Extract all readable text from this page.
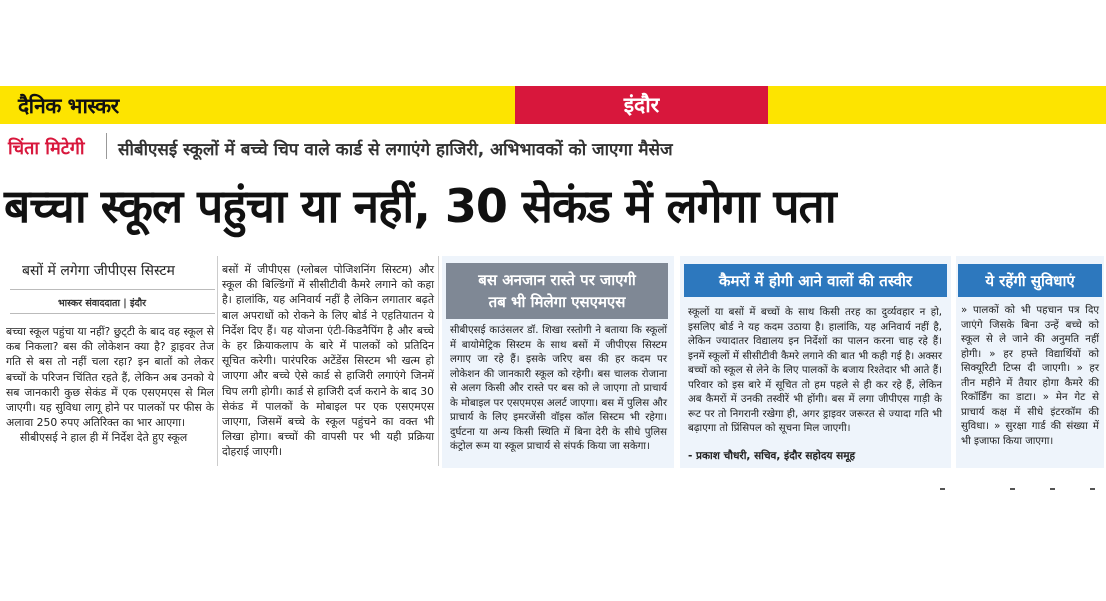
दैनिक भास्कर	इंदौर
चिंता मिटेगी सीबीएसई स्कूलों में बच्चे चिप वाले कार्ड से लगाएंगे हाजिरी, अभिभावकों को जाएगा मैसेज
बच्चा स्कूल पहुंचा या नहीं, 30 सेकंड में लगेगा पता
बसों में लगेगा जीपीएस सिस्टम
भास्कर संवाददाता | इंदौर

बच्चा स्कूल पहुंचा या नहीं? छुट्‌टी के बाद वह स्कूल से कब निकला? बस की लोकेशन क्या है? ड्राइवर तेज गति से बस तो नहीं चला रहा? इन बातों को लेकर बच्चों के परिजन चिंतित रहते हैं, लेकिन अब उनको ये सब जानकारी कुछ सेकंड में एक एसएमएस से मिल जाएगी। यह सुविधा लागू होने पर पालकों पर फीस के अलावा 250 रुपए अतिरिक्त का भार आएगा।

सीबीएसई ने हाल ही में निर्देश देते हुए स्कूल

बसों में जीपीएस (ग्लोबल पोजिशनिंग सिस्टम) और स्कूल की बिल्डिंगों में सीसीटीवी कैमरे लगाने को कहा है। हालांकि, यह अनिवार्य नहीं है लेकिन लगातार बढ़ते बाल अपराधों को रोकने के लिए बोर्ड ने एहतियातन ये निर्देश दिए हैं। यह योजना एंटी-किडनैपिंग है और बच्चे के हर क्रियाकलाप के बारे में पालकों को प्रतिदिन सूचित करेगी। पारंपरिक अटेंडेंस सिस्टम भी खत्म हो जाएगा और बच्चे ऐसे कार्ड से हाजिरी लगाएंगे जिनमें चिप लगी होगी। कार्ड से हाजिरी दर्ज कराने के बाद 30 सेकंड में पालकों के मोबाइल पर एक एसएमएस जाएगा, जिसमें बच्चे के स्कूल पहुंचने का वक्त भी लिखा होगा। बच्चों की वापसी पर भी यही प्रक्रिया दोहराई जाएगी।
बस अनजान रास्ते पर जाएगी
तब भी मिलेगा एसएमएस
सीबीएसई काउंसलर डॉ. शिखा रस्तोगी ने बताया कि स्कूलों में बायोमेट्रिक सिस्टम के साथ बसों में जीपीएस सिस्टम लगाए जा रहे हैं। इसके जरिए बस की हर कदम पर लोकेशन की जानकारी स्कूल को रहेगी। बस चालक रोजाना से अलग किसी और रास्ते पर बस को ले जाएगा तो प्राचार्य के मोबाइल पर एसएमएस अलर्ट जाएगा। बस में पुलिस और प्राचार्य के लिए इमरजेंसी वॉइस कॉल सिस्टम भी रहेगा। दुर्घटना या अन्य किसी स्थिति में बिना देरी के सीधे पुलिस कंट्रोल रूम या स्कूल प्राचार्य से संपर्क किया जा सकेगा।
कैमरों में होगी आने वालों की तस्वीर
स्कूलों या बसों में बच्चों के साथ किसी तरह का दुर्व्यवहार न हो, इसलिए बोर्ड ने यह कदम उठाया है। हालांकि, यह अनिवार्य नहीं है, लेकिन ज्यादातर विद्यालय इन निर्देशों का पालन करना चाह रहे हैं। इनमें स्कूलों में सीसीटीवी कैमरे लगाने की बात भी कही गई है। अक्सर बच्चों को स्कूल से लेने के लिए पालकों के बजाय रिश्तेदार भी आते हैं। परिवार को इस बारे में सूचित तो हम पहले से ही कर रहे हैं, लेकिन अब कैमरों में उनकी तस्वीरें भी होंगी। बस में लगा जीपीएस गाड़ी के रूट पर तो निगरानी रखेगा ही, अगर ड्राइवर जरूरत से ज्यादा गति भी बढ़ाएगा तो प्रिंसिपल को सूचना मिल जाएगी।
- प्रकाश चौधरी, सचिव, इंदौर सहोदय समूह
ये रहेंगी सुविधाएं
» पालकों को भी पहचान पत्र दिए जाएंगे जिसके बिना उन्हें बच्चे को स्कूल से ले जाने की अनुमति नहीं होगी। » हर हफ्ते विद्यार्थियों को सिक्यूरिटी टिप्स दी जाएगी। » हर तीन महीने में तैयार होगा कैमरे की रिकॉर्डिंग का डाटा। » मेन गेट से प्राचार्य कक्ष में सीधे इंटरकॉम की सुविधा। » सुरक्षा गार्ड की संख्या में भी इजाफा किया जाएगा।
